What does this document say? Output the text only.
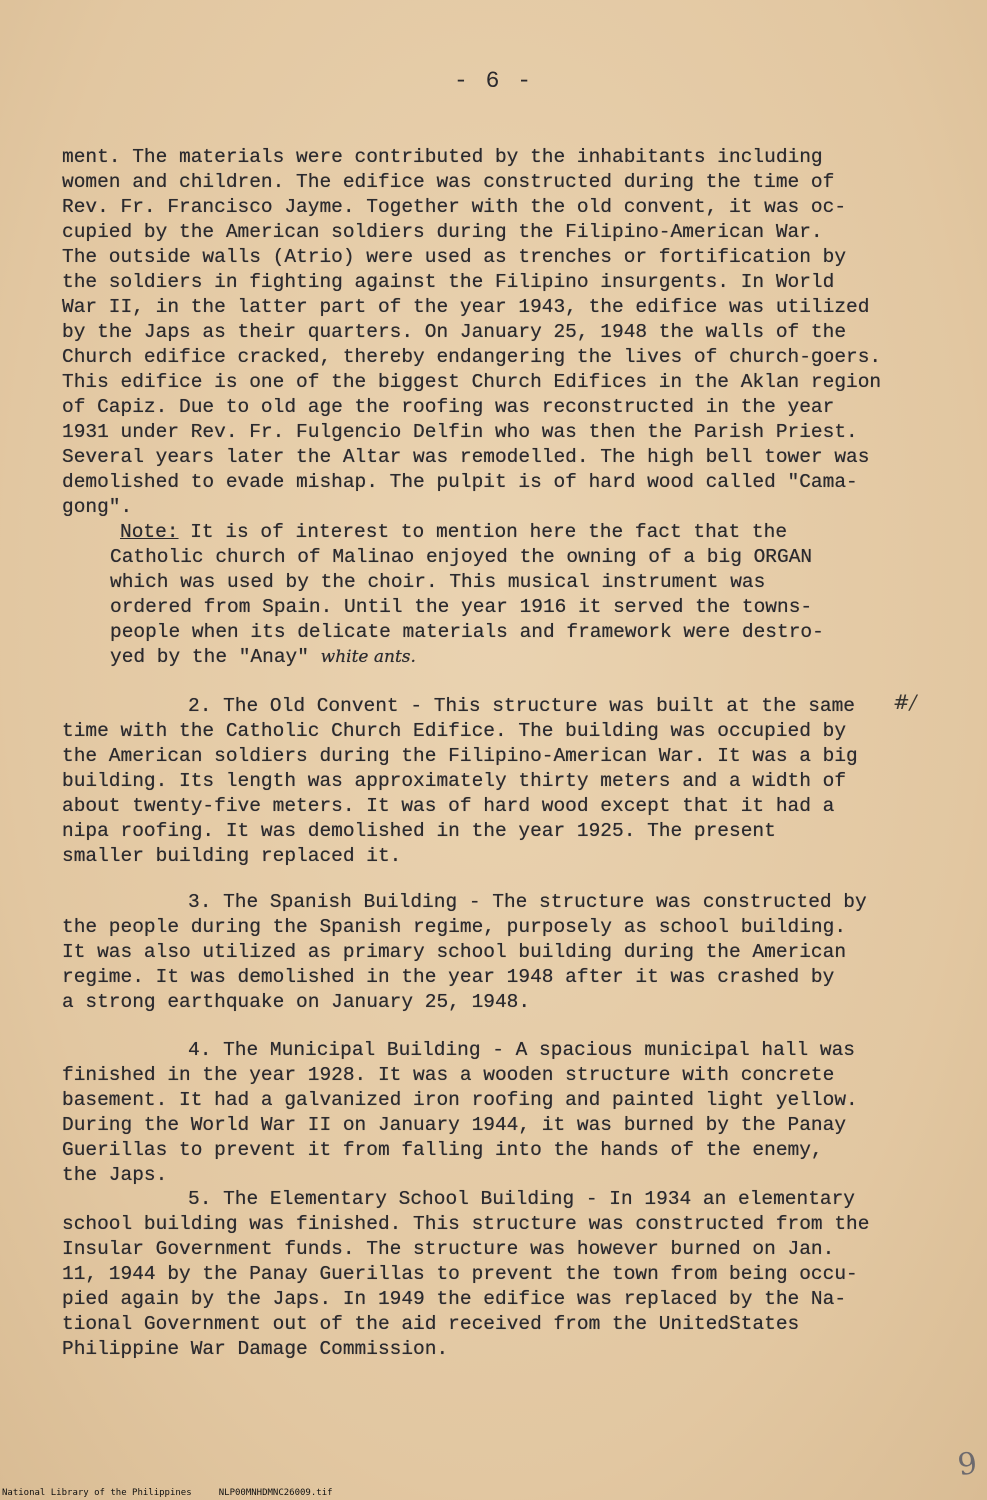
- 6 -
ment. The materials were contributed by the inhabitants including
women and children. The edifice was constructed during the time of
Rev. Fr. Francisco Jayme. Together with the old convent, it was oc-
cupied by the American soldiers during the Filipino-American War.
The outside walls (Atrio) were used as trenches or fortification by
the soldiers in fighting against the Filipino insurgents. In World
War II, in the latter part of the year 1943, the edifice was utilized
by the Japs as their quarters. On January 25, 1948 the walls of the
Church edifice cracked, thereby endangering the lives of church-goers.
This edifice is one of the biggest Church Edifices in the Aklan region
of Capiz. Due to old age the roofing was reconstructed in the year
1931 under Rev. Fr. Fulgencio Delfin who was then the Parish Priest.
Several years later the Altar was remodelled. The high bell tower was
demolished to evade mishap. The pulpit is of hard wood called "Cama-
gong".
Note: It is of interest to mention here the fact that the
Catholic church of Malinao enjoyed the owning of a big ORGAN
which was used by the choir. This musical instrument was
ordered from Spain. Until the year 1916 it served the towns-
people when its delicate materials and framework were destro-
yed by the "Anay" white ants.
2. The Old Convent - This structure was built at the same #/
time with the Catholic Church Edifice. The building was occupied by
the American soldiers during the Filipino-American War. It was a big
building. Its length was approximately thirty meters and a width of
about twenty-five meters. It was of hard wood except that it had a
nipa roofing. It was demolished in the year 1925. The present
smaller building replaced it.
3. The Spanish Building - The structure was constructed by
the people during the Spanish regime, purposely as school building.
It was also utilized as primary school building during the American
regime. It was demolished in the year 1948 after it was crashed by
a strong earthquake on January 25, 1948.
4. The Municipal Building - A spacious municipal hall was
finished in the year 1928. It was a wooden structure with concrete
basement. It had a galvanized iron roofing and painted light yellow.
During the World War II on January 1944, it was burned by the Panay
Guerillas to prevent it from falling into the hands of the enemy,
the Japs.
5. The Elementary School Building - In 1934 an elementary
school building was finished. This structure was constructed from the
Insular Government funds. The structure was however burned on Jan.
11, 1944 by the Panay Guerillas to prevent the town from being occu-
pied again by the Japs. In 1949 the edifice was replaced by the Na-
tional Government out of the aid received from the UnitedStates
Philippine War Damage Commission.
9
National Library of the Philippines     NLP00MNHDMNC26009.tif
